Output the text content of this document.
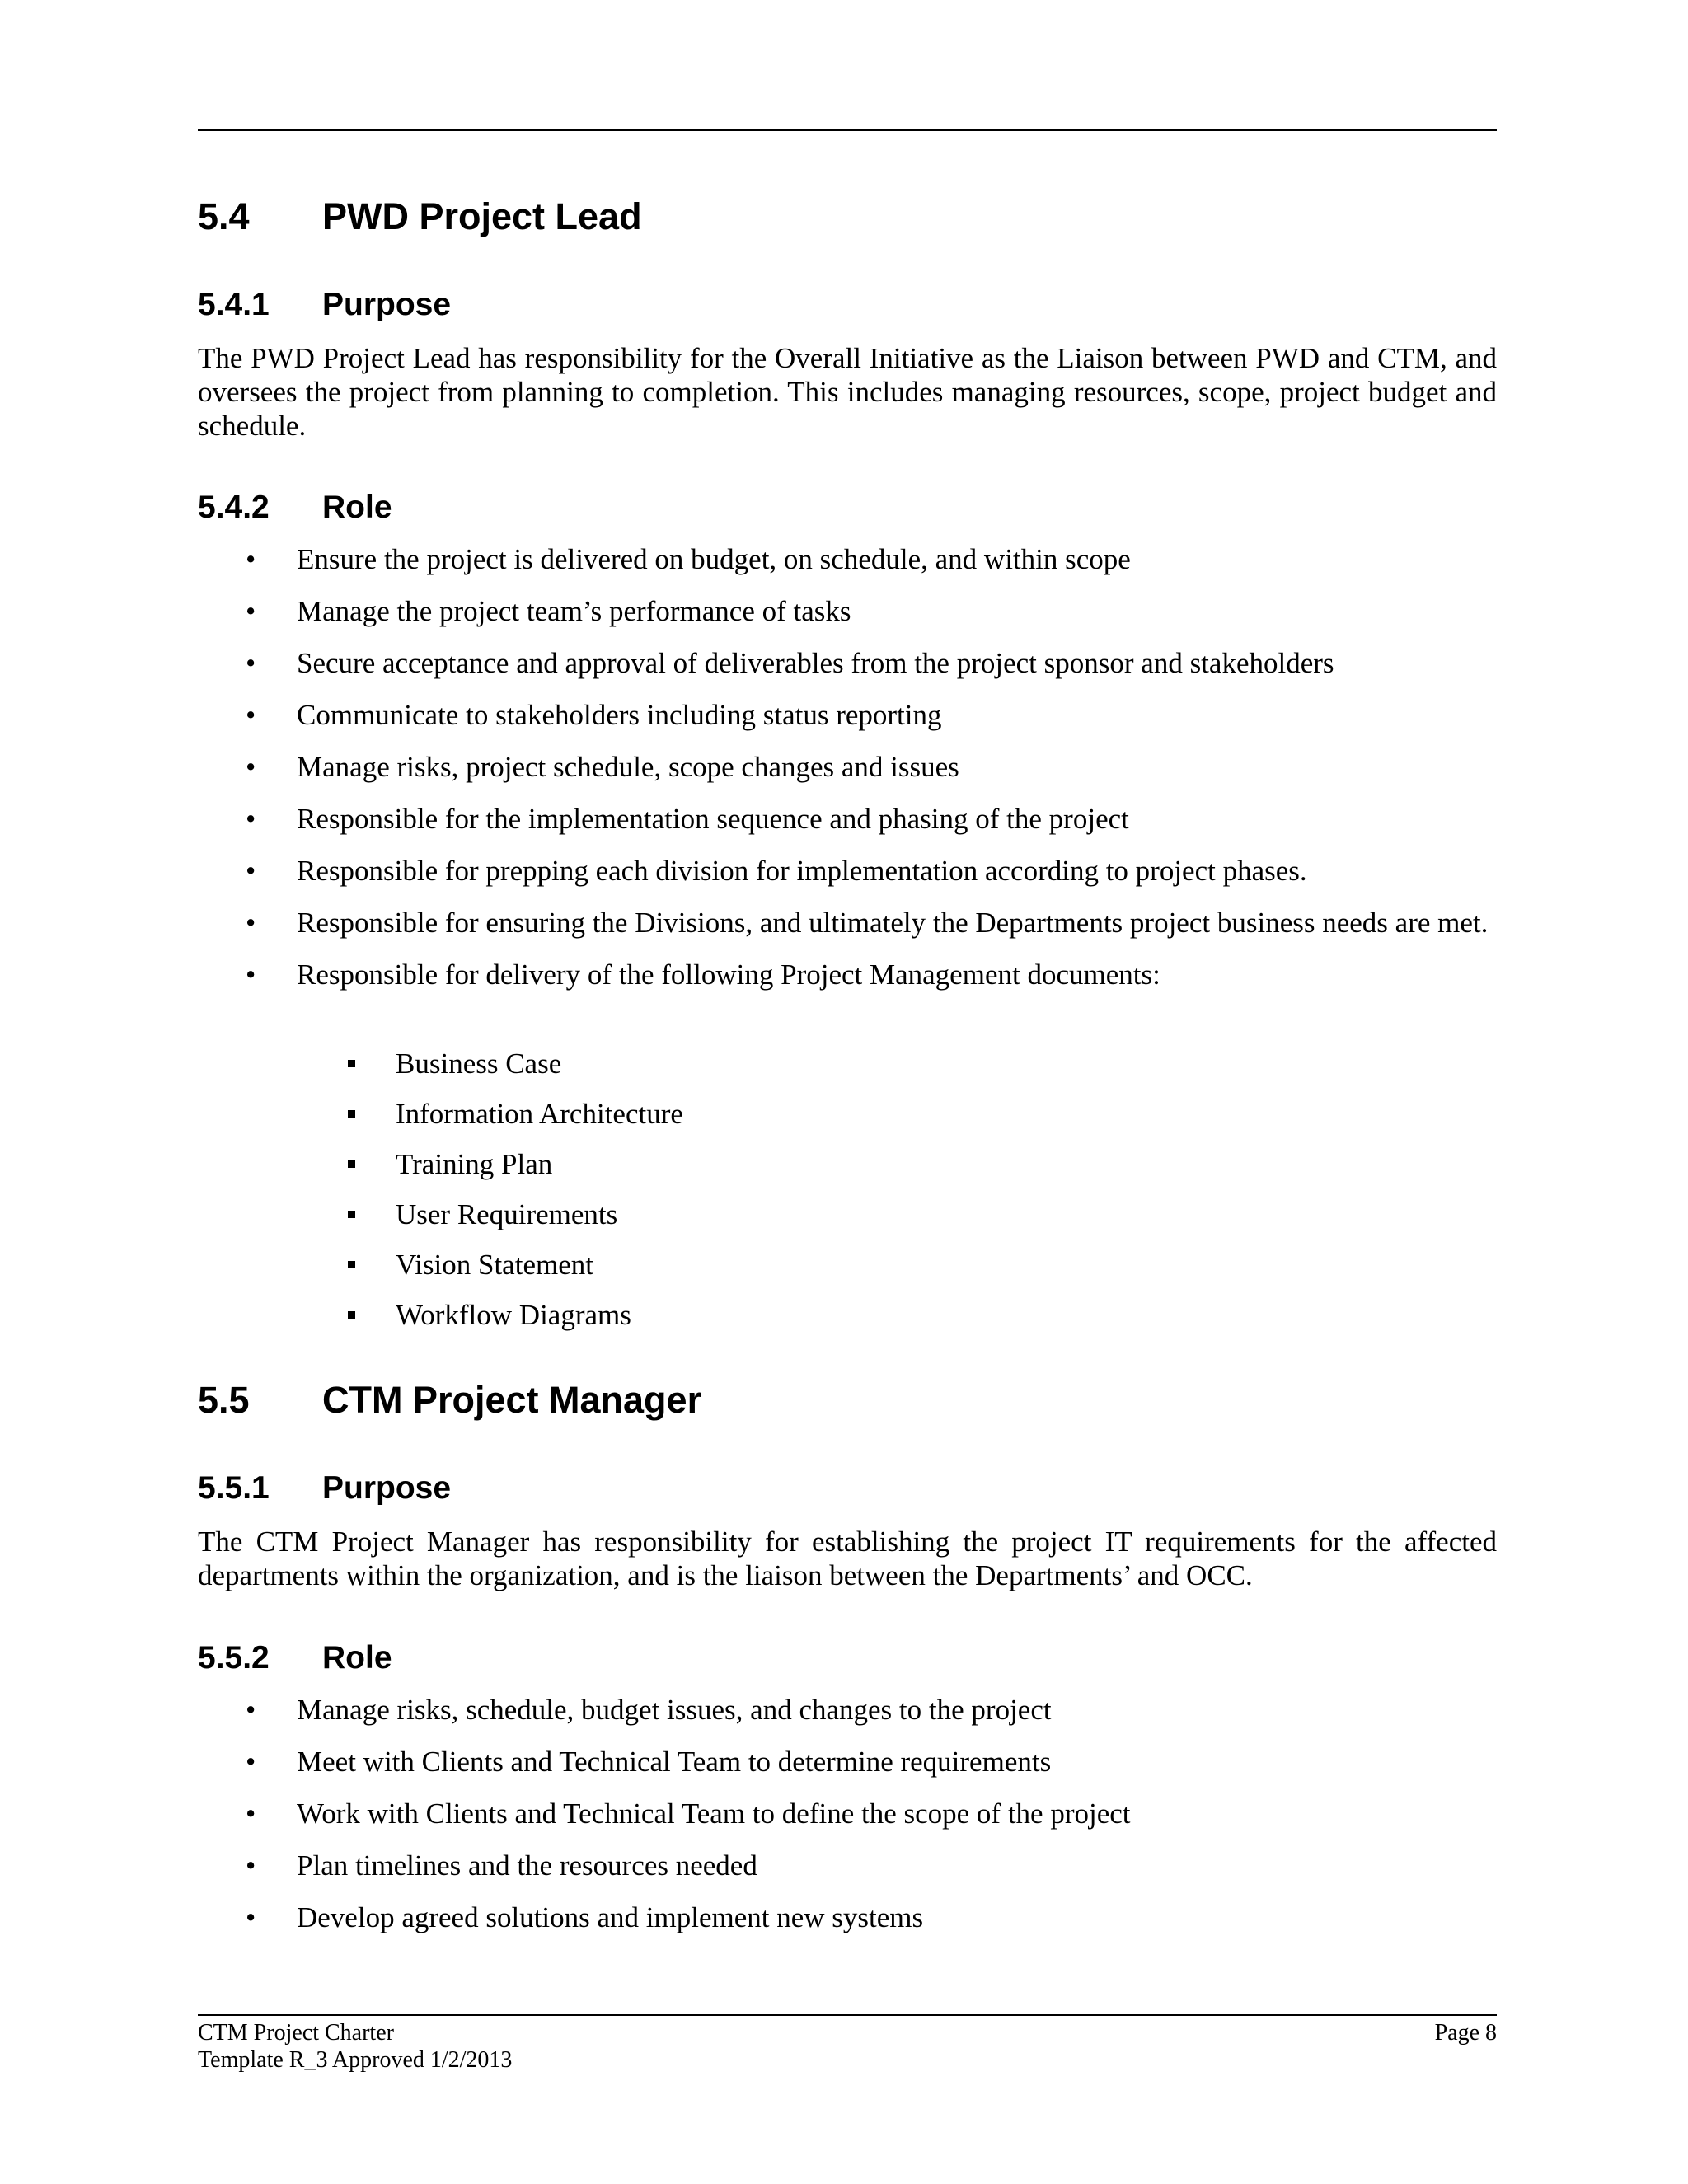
5.4 PWD Project Lead
5.4.1 Purpose
The PWD Project Lead has responsibility for the Overall Initiative as the Liaison between PWD and CTM, and oversees the project from planning to completion. This includes managing resources, scope, project budget and schedule.
5.4.2 Role
• Ensure the project is delivered on budget, on schedule, and within scope
• Manage the project team’s performance of tasks
• Secure acceptance and approval of deliverables from the project sponsor and stakeholders
• Communicate to stakeholders including status reporting
• Manage risks, project schedule, scope changes and issues
• Responsible for the implementation sequence and phasing of the project
• Responsible for prepping each division for implementation according to project phases.
• Responsible for ensuring the Divisions, and ultimately the Departments project business needs are met.
• Responsible for delivery of the following Project Management documents:
Business Case
Information Architecture
Training Plan
User Requirements
Vision Statement
Workflow Diagrams
5.5 CTM Project Manager
5.5.1 Purpose
The CTM Project Manager has responsibility for establishing the project IT requirements for the affected departments within the organization, and is the liaison between the Departments’ and OCC.
5.5.2 Role
• Manage risks, schedule, budget issues, and changes to the project
• Meet with Clients and Technical Team to determine requirements
• Work with Clients and Technical Team to define the scope of the project
• Plan timelines and the resources needed
• Develop agreed solutions and implement new systems
CTM Project Charter
Template R_3 Approved 1/2/2013
Page 8
